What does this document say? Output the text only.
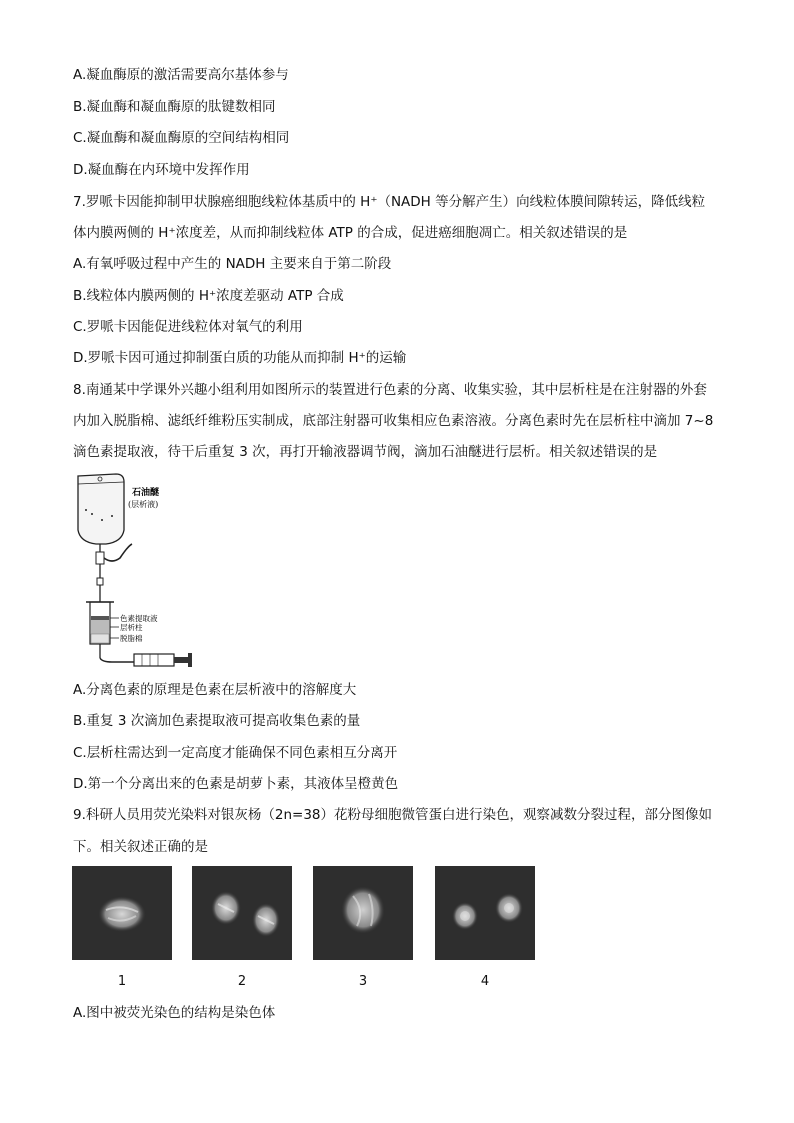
A.凝血酶原的激活需要高尔基体参与
B.凝血酶和凝血酶原的肽键数相同
C.凝血酶和凝血酶原的空间结构相同
D.凝血酶在内环境中发挥作用
7.罗哌卡因能抑制甲状腺癌细胞线粒体基质中的 H⁺（NADH 等分解产生）向线粒体膜间隙转运，降低线粒
体内膜两侧的 H⁺浓度差，从而抑制线粒体 ATP 的合成，促进癌细胞凋亡。相关叙述错误的是
A.有氧呼吸过程中产生的 NADH 主要来自于第二阶段
B.线粒体内膜两侧的 H⁺浓度差驱动 ATP 合成
C.罗哌卡因能促进线粒体对氧气的利用
D.罗哌卡因可通过抑制蛋白质的功能从而抑制 H⁺的运输
8.南通某中学课外兴趣小组利用如图所示的装置进行色素的分离、收集实验，其中层析柱是在注射器的外套
内加入脱脂棉、滤纸纤维粉压实制成，底部注射器可收集相应色素溶液。分离色素时先在层析柱中滴加 7~8
滴色素提取液，待干后重复 3 次，再打开输液器调节阀，滴加石油醚进行层析。相关叙述错误的是
石油醚
(层析液)
色素提取液
层析柱
脱脂棉
A.分离色素的原理是色素在层析液中的溶解度大
B.重复 3 次滴加色素提取液可提高收集色素的量
C.层析柱需达到一定高度才能确保不同色素相互分离开
D.第一个分离出来的色素是胡萝卜素，其液体呈橙黄色
9.科研人员用荧光染料对银灰杨（2n=38）花粉母细胞微管蛋白进行染色，观察减数分裂过程，部分图像如
下。相关叙述正确的是
1	2	3	4
A.图中被荧光染色的结构是染色体
